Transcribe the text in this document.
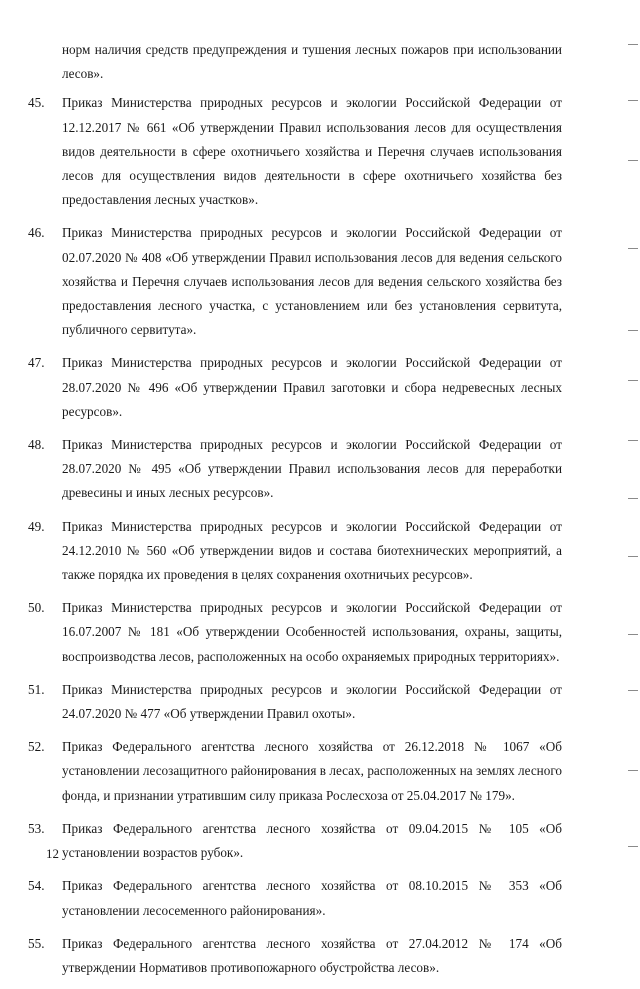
норм наличия средств предупреждения и тушения лесных пожаров при использовании лесов».
45.	Приказ Министерства природных ресурсов и экологии Российской Федерации от 12.12.2017 № 661 «Об утверждении Правил использования лесов для осуществления видов деятельности в сфере охотничьего хозяйства и Перечня случаев использования лесов для осуществления видов деятельности в сфере охотничьего хозяйства без предоставления лесных участков».
46.	Приказ Министерства природных ресурсов и экологии Российской Федерации от 02.07.2020 № 408 «Об утверждении Правил использования лесов для ведения сельского хозяйства и Перечня случаев использования лесов для ведения сельского хозяйства без предоставления лесного участка, с установлением или без установления сервитута, публичного сервитута».
47.	Приказ Министерства природных ресурсов и экологии Российской Федерации от 28.07.2020 № 496 «Об утверждении Правил заготовки и сбора недревесных лесных ресурсов».
48.	Приказ Министерства природных ресурсов и экологии Российской Федерации от 28.07.2020 № 495 «Об утверждении Правил использования лесов для переработки древесины и иных лесных ресурсов».
49.	Приказ Министерства природных ресурсов и экологии Российской Федерации от 24.12.2010 № 560 «Об утверждении видов и состава биотехнических мероприятий, а также порядка их проведения в целях сохранения охотничьих ресурсов».
50.	Приказ Министерства природных ресурсов и экологии Российской Федерации от 16.07.2007 № 181 «Об утверждении Особенностей использования, охраны, защиты, воспроизводства лесов, расположенных на особо охраняемых природных территориях».
51.	Приказ Министерства природных ресурсов и экологии Российской Федерации от 24.07.2020 № 477 «Об утверждении Правил охоты».
52.	Приказ Федерального агентства лесного хозяйства от 26.12.2018 № 1067 «Об установлении лесозащитного районирования в лесах, расположенных на землях лесного фонда, и признании утратившим силу приказа Рослесхоза от 25.04.2017 № 179».
53.	Приказ Федерального агентства лесного хозяйства от 09.04.2015 № 105 «Об установлении возрастов рубок».
54.	Приказ Федерального агентства лесного хозяйства от 08.10.2015 № 353 «Об установлении лесосеменного районирования».
55.	Приказ Федерального агентства лесного хозяйства от 27.04.2012 № 174 «Об утверждении Нормативов противопожарного обустройства лесов».
12
